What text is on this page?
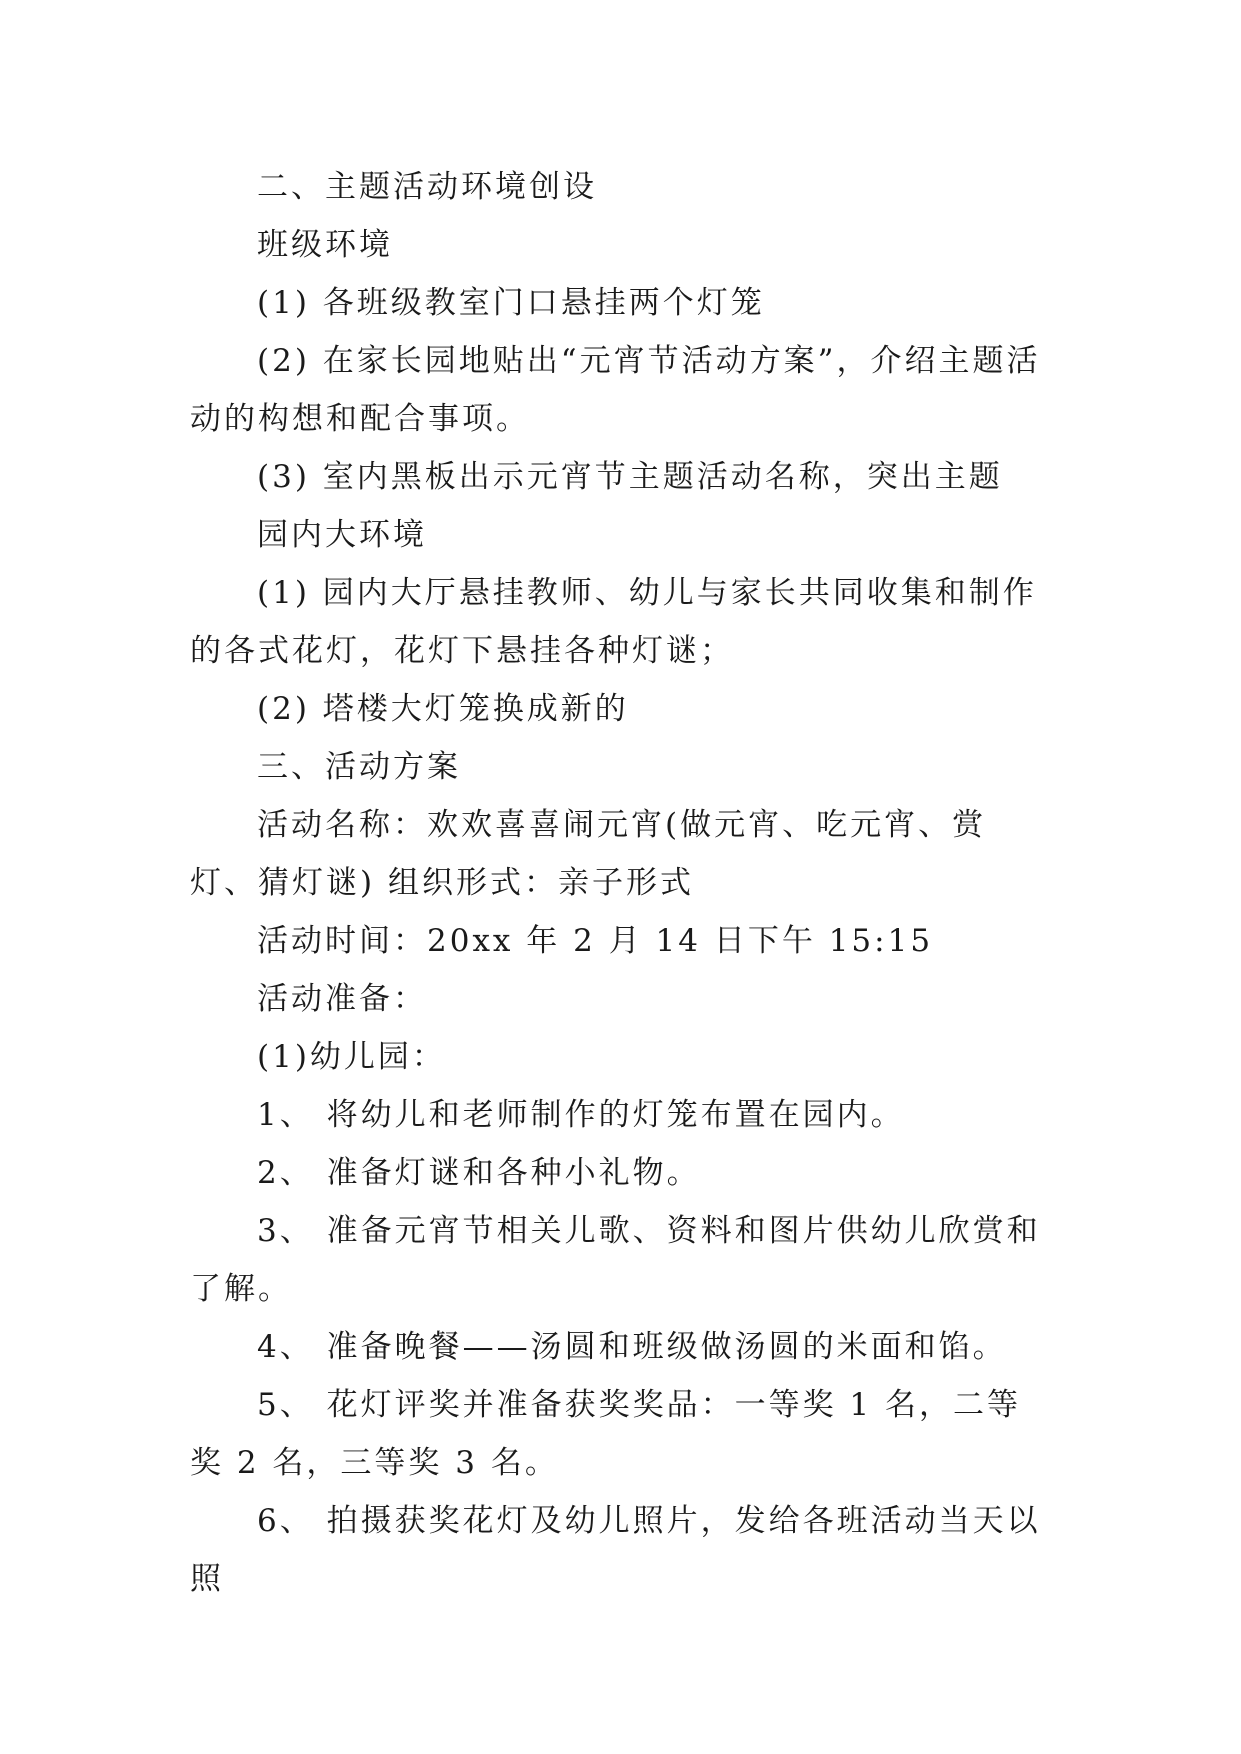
二、主题活动环境创设

班级环境

(1) 各班级教室门口悬挂两个灯笼

(2) 在家长园地贴出“元宵节活动方案”，介绍主题活动的构想和配合事项。

(3) 室内黑板出示元宵节主题活动名称，突出主题

园内大环境

(1) 园内大厅悬挂教师、幼儿与家长共同收集和制作的各式花灯，花灯下悬挂各种灯谜；

(2) 塔楼大灯笼换成新的

三、活动方案

活动名称：欢欢喜喜闹元宵(做元宵、吃元宵、赏灯、猜灯谜) 组织形式：亲子形式

活动时间：20xx 年 2 月 14 日下午 15:15

活动准备：

(1)幼儿园：

1、 将幼儿和老师制作的灯笼布置在园内。

2、 准备灯谜和各种小礼物。

3、 准备元宵节相关儿歌、资料和图片供幼儿欣赏和了解。

4、 准备晚餐——汤圆和班级做汤圆的米面和馅。

5、 花灯评奖并准备获奖奖品：一等奖 1 名，二等奖 2 名，三等奖 3 名。

6、 拍摄获奖花灯及幼儿照片，发给各班活动当天以照
